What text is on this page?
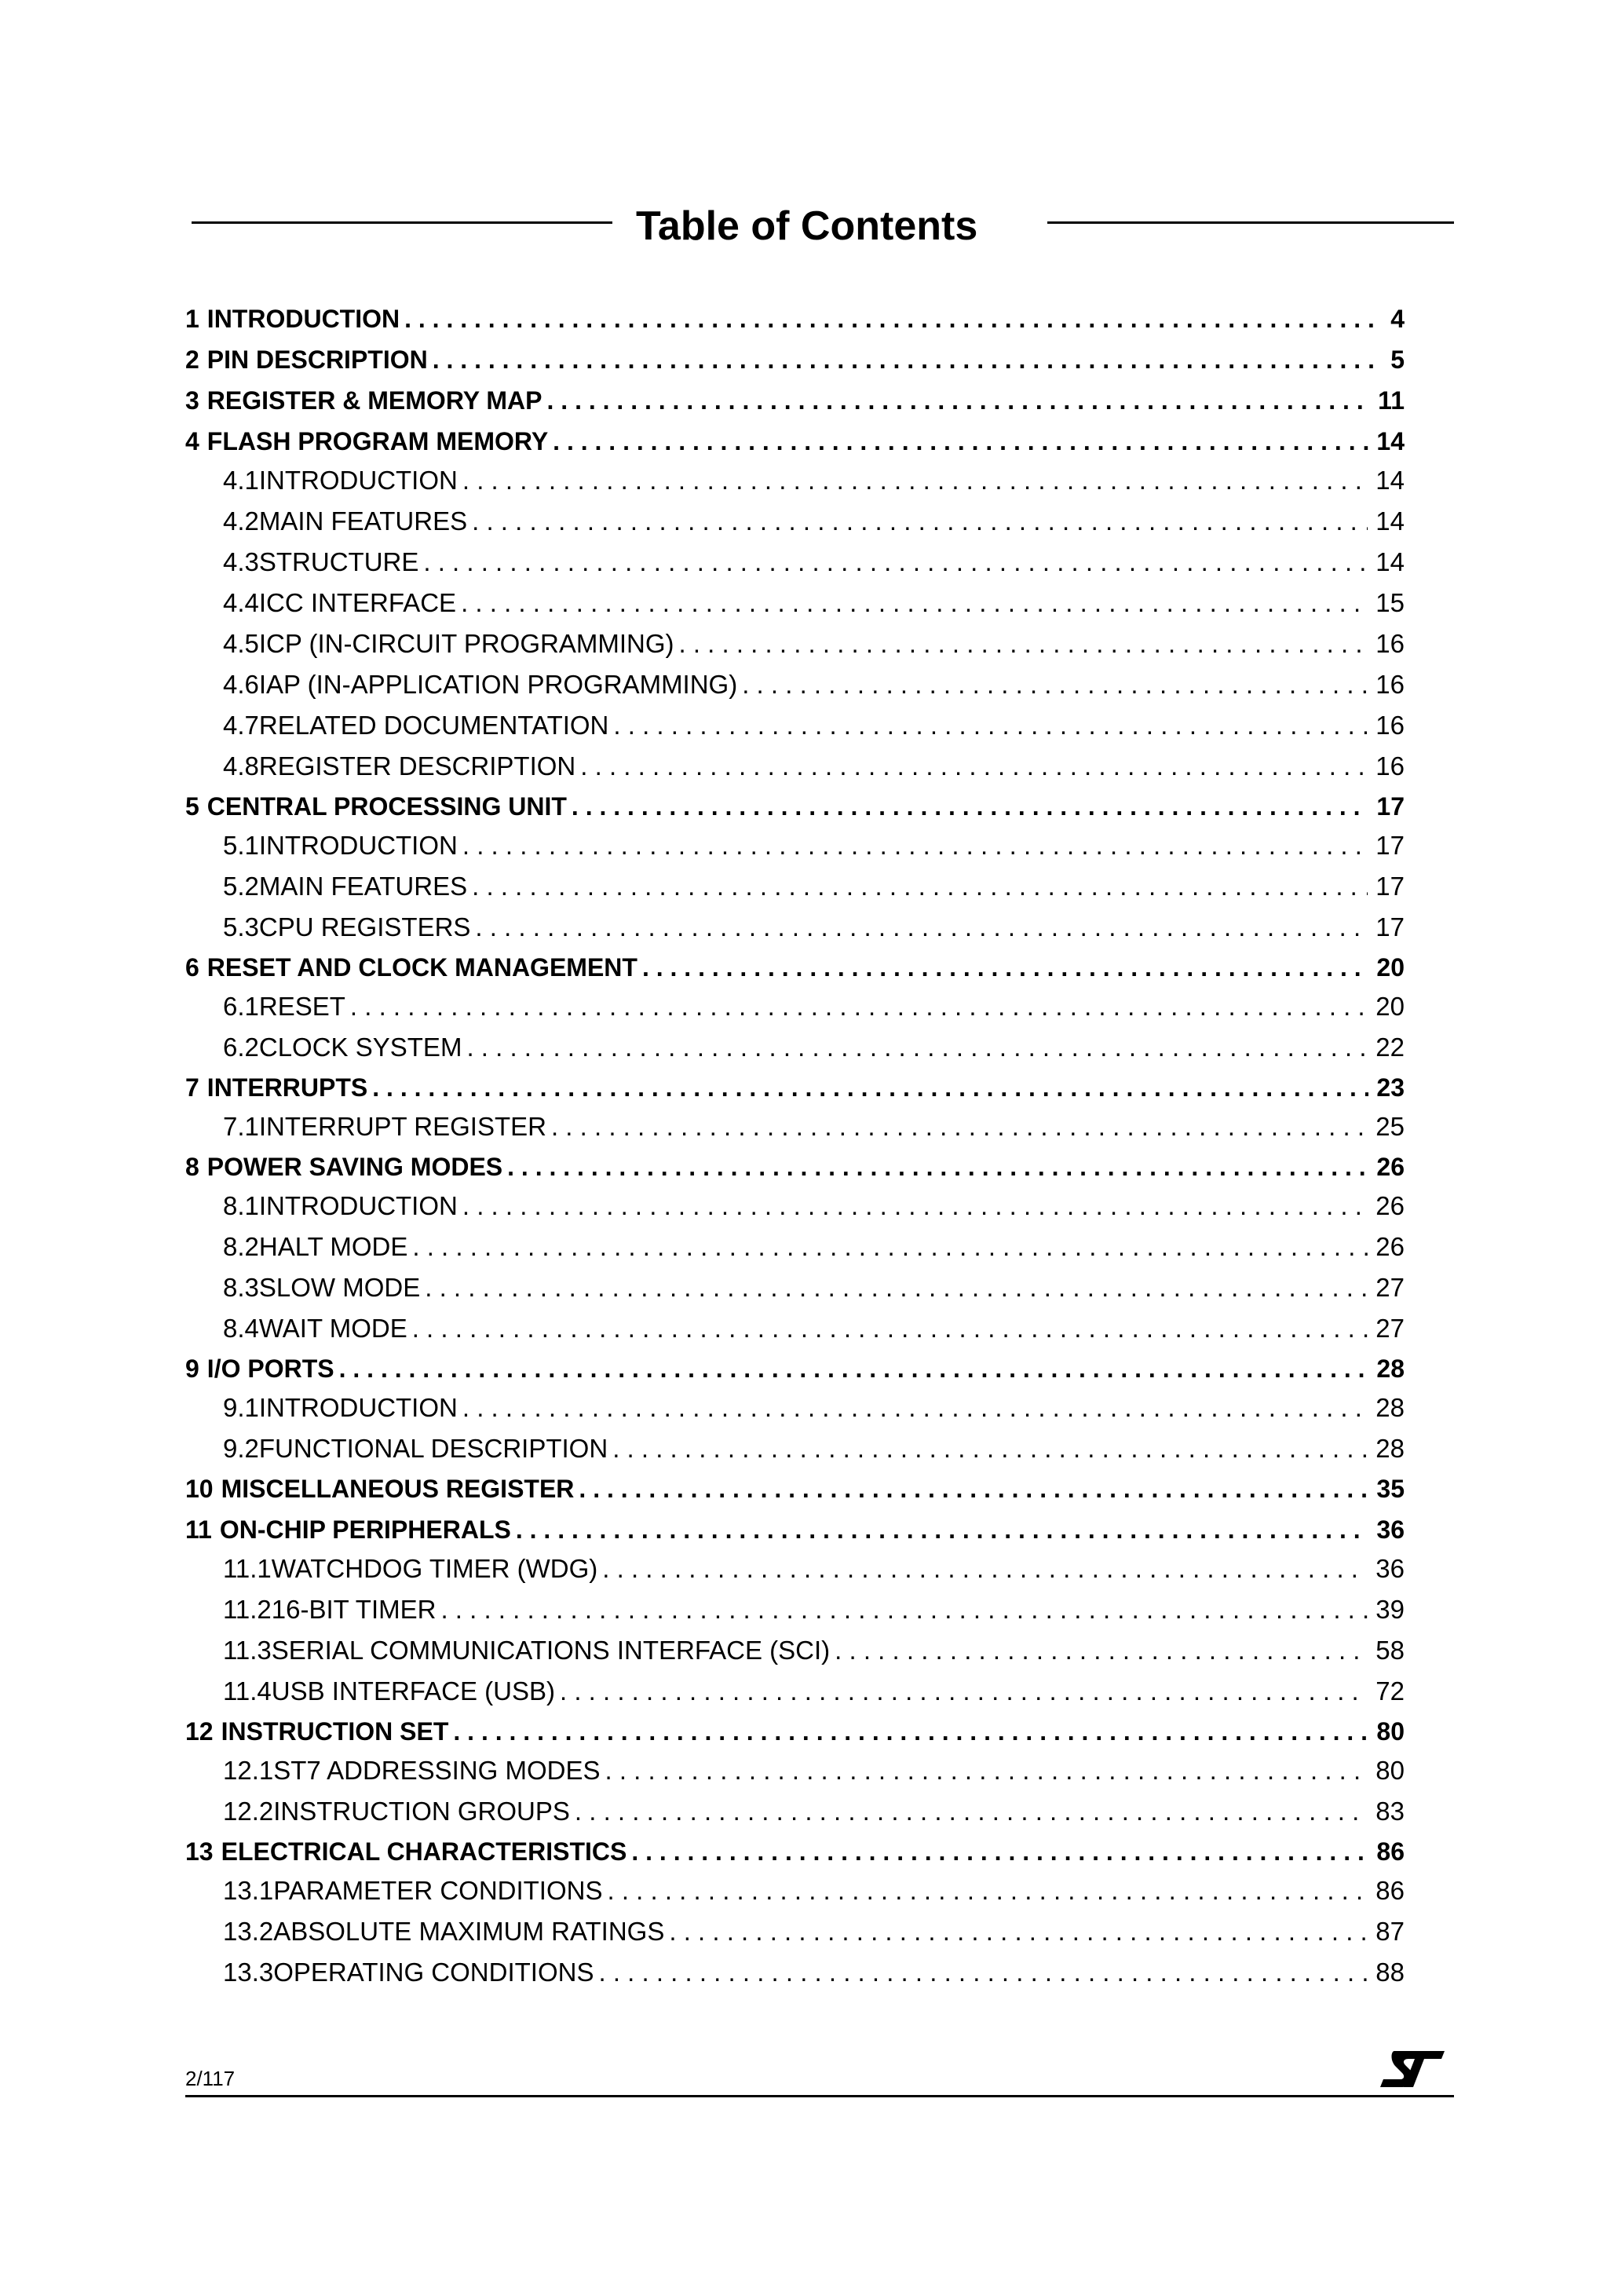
Table of Contents
1 INTRODUCTION . . .	4
2 PIN DESCRIPTION . . .	5
3 REGISTER & MEMORY MAP . . .	11
4 FLASH PROGRAM MEMORY . . .	14
4.1 INTRODUCTION . . .	14
4.2 MAIN FEATURES . . .	14
4.3 STRUCTURE . . .	14
4.4 ICC INTERFACE . . .	15
4.5 ICP (IN-CIRCUIT PROGRAMMING) . . .	16
4.6 IAP (IN-APPLICATION PROGRAMMING) . . .	16
4.7 RELATED DOCUMENTATION . . .	16
4.8 REGISTER DESCRIPTION . . .	16
5 CENTRAL PROCESSING UNIT . . .	17
5.1 INTRODUCTION . . .	17
5.2 MAIN FEATURES . . .	17
5.3 CPU REGISTERS . . .	17
6 RESET AND CLOCK MANAGEMENT . . .	20
6.1 RESET . . .	20
6.2 CLOCK SYSTEM . . .	22
7 INTERRUPTS . . .	23
7.1 INTERRUPT REGISTER . . .	25
8 POWER SAVING MODES . . .	26
8.1 INTRODUCTION . . .	26
8.2 HALT MODE . . .	26
8.3 SLOW MODE . . .	27
8.4 WAIT MODE . . .	27
9 I/O PORTS . . .	28
9.1 INTRODUCTION . . .	28
9.2 FUNCTIONAL DESCRIPTION . . .	28
10 MISCELLANEOUS REGISTER . . .	35
11 ON-CHIP PERIPHERALS . . .	36
11.1 WATCHDOG TIMER (WDG) . . .	36
11.2 16-BIT TIMER . . .	39
11.3 SERIAL COMMUNICATIONS INTERFACE (SCI) . . .	58
11.4 USB INTERFACE (USB) . . .	72
12 INSTRUCTION SET . . .	80
12.1 ST7 ADDRESSING MODES . . .	80
12.2 INSTRUCTION GROUPS . . .	83
13 ELECTRICAL CHARACTERISTICS . . .	86
13.1 PARAMETER CONDITIONS . . .	86
13.2 ABSOLUTE MAXIMUM RATINGS . . .	87
13.3 OPERATING CONDITIONS . . .	88
2/117
